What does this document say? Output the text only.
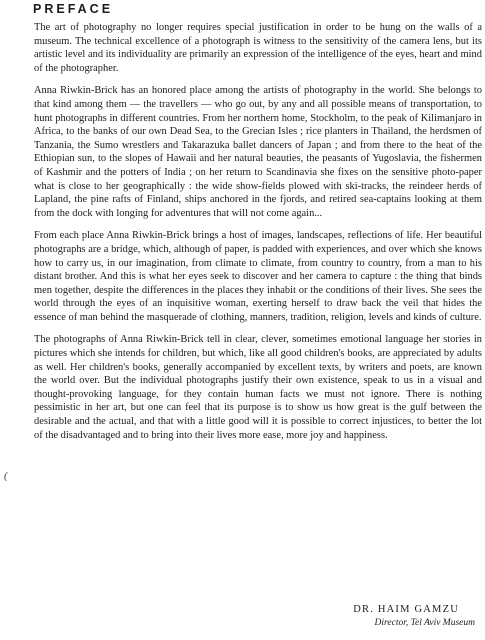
PREFACE

The art of photography no longer requires special justification in order to be hung on the walls of a museum. The technical excellence of a photograph is witness to the sensitivity of the camera lens, but its artistic level and its individuality are primarily an expression of the intelligence of the eyes, heart and mind of the photographer.

Anna Riwkin-Brick has an honored place among the artists of photography in the world. She belongs to that kind among them — the travellers — who go out, by any and all possible means of transportation, to hunt photographs in different countries. From her northern home, Stockholm, to the peak of Kilimanjaro in Africa, to the banks of our own Dead Sea, to the Grecian Isles ; rice planters in Thailand, the herdsmen of Tanzania, the Sumo wrestlers and Takarazuka ballet dancers of Japan ; and from there to the heat of the Ethiopian sun, to the slopes of Hawaii and her natural beauties, the peasants of Yugoslavia, the fishermen of Kashmir and the potters of India ; on her return to Scandinavia she fixes on the sensitive photo-paper what is close to her geographically : the wide show-fields plowed with ski-tracks, the reindeer herds of Lapland, the pine rafts of Finland, ships anchored in the fjords, and retired sea-captains looking at them from the dock with longing for adventures that will not come again...

From each place Anna Riwkin-Brick brings a host of images, landscapes, reflections of life. Her beautiful photographs are a bridge, which, although of paper, is padded with experiences, and over which she knows how to carry us, in our imagination, from climate to climate, from country to country, from a man to his distant brother. And this is what her eyes seek to discover and her camera to capture : the thing that binds men together, despite the differences in the places they inhabit or the conditions of their lives. She sees the world through the eyes of an inquisitive woman, exerting herself to draw back the veil that hides the essence of man behind the masquerade of clothing, manners, tradition, religion, levels and kinds of culture.

The photographs of Anna Riwkin-Brick tell in clear, clever, sometimes emotional language her stories in pictures which she intends for children, but which, like all good children's books, are appreciated by adults as well. Her children's books, generally accompanied by excellent texts, by writers and poets, are known the world over. But the individual photographs justify their own existence, speak to us in a visual and thought-provoking language, for they contain human facts we must not ignore. There is nothing pessimistic in her art, but one can feel that its purpose is to show us how great is the gulf between the desirable and the actual, and that with a little good will it is possible to correct injustices, to better the lot of the disadvantaged and to bring into their lives more ease, more joy and happiness.

(
DR. HAIM GAMZU
Director, Tel Aviv Museum
